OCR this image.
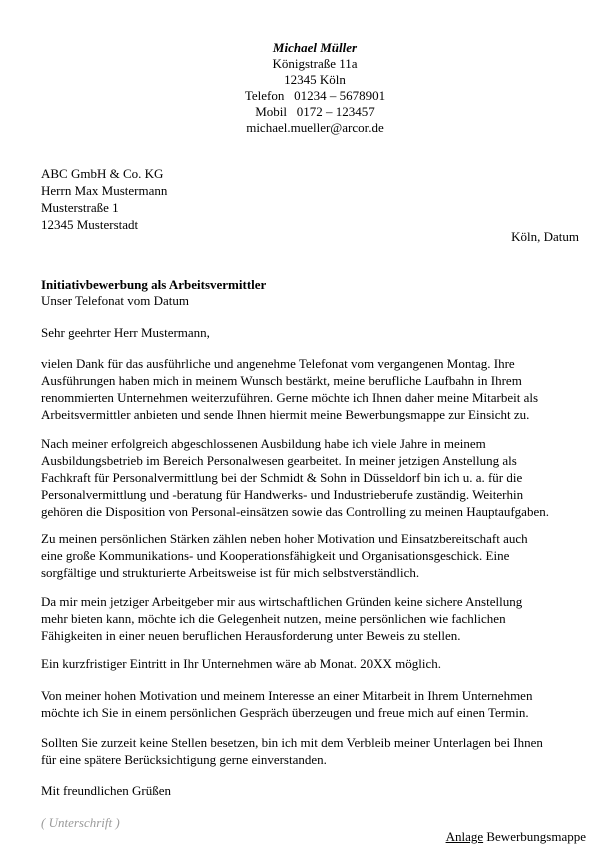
Michael Müller
Königstraße 11a
12345 Köln
Telefon   01234 – 5678901
Mobil   0172 – 123457
michael.mueller@arcor.de
ABC GmbH & Co. KG
Herrn Max Mustermann
Musterstraße 1
12345 Musterstadt
Köln, Datum
Initiativbewerbung als Arbeitsvermittler
Unser Telefonat vom Datum
Sehr geehrter Herr Mustermann,
vielen Dank für das ausführliche und angenehme Telefonat vom vergangenen Montag. Ihre
Ausführungen haben mich in meinem Wunsch bestärkt, meine berufliche Laufbahn in Ihrem
renommierten Unternehmen weiterzuführen. Gerne möchte ich Ihnen daher meine Mitarbeit als
Arbeitsvermittler anbieten und sende Ihnen hiermit meine Bewerbungsmappe zur Einsicht zu.
Nach meiner erfolgreich abgeschlossenen Ausbildung habe ich viele Jahre in meinem
Ausbildungsbetrieb im Bereich Personalwesen gearbeitet. In meiner jetzigen Anstellung als
Fachkraft für Personalvermittlung bei der Schmidt & Sohn in Düsseldorf bin ich u. a. für die
Personalvermittlung und -beratung für Handwerks- und Industrieberufe zuständig. Weiterhin
gehören die Disposition von Personal-einsätzen sowie das Controlling zu meinen Hauptaufgaben.
Zu meinen persönlichen Stärken zählen neben hoher Motivation und Einsatzbereitschaft auch
eine große Kommunikations- und Kooperationsfähigkeit und Organisationsgeschick. Eine
sorgfältige und strukturierte Arbeitsweise ist für mich selbstverständlich.
Da mir mein jetziger Arbeitgeber mir aus wirtschaftlichen Gründen keine sichere Anstellung
mehr bieten kann, möchte ich die Gelegenheit nutzen, meine persönlichen wie fachlichen
Fähigkeiten in einer neuen beruflichen Herausforderung unter Beweis zu stellen.
Ein kurzfristiger Eintritt in Ihr Unternehmen wäre ab Monat. 20XX möglich.
Von meiner hohen Motivation und meinem Interesse an einer Mitarbeit in Ihrem Unternehmen
möchte ich Sie in einem persönlichen Gespräch überzeugen und freue mich auf einen Termin.
Sollten Sie zurzeit keine Stellen besetzen, bin ich mit dem Verbleib meiner Unterlagen bei Ihnen
für eine spätere Berücksichtigung gerne einverstanden.
Mit freundlichen Grüßen
( Unterschrift )
Anlage Bewerbungsmappe
